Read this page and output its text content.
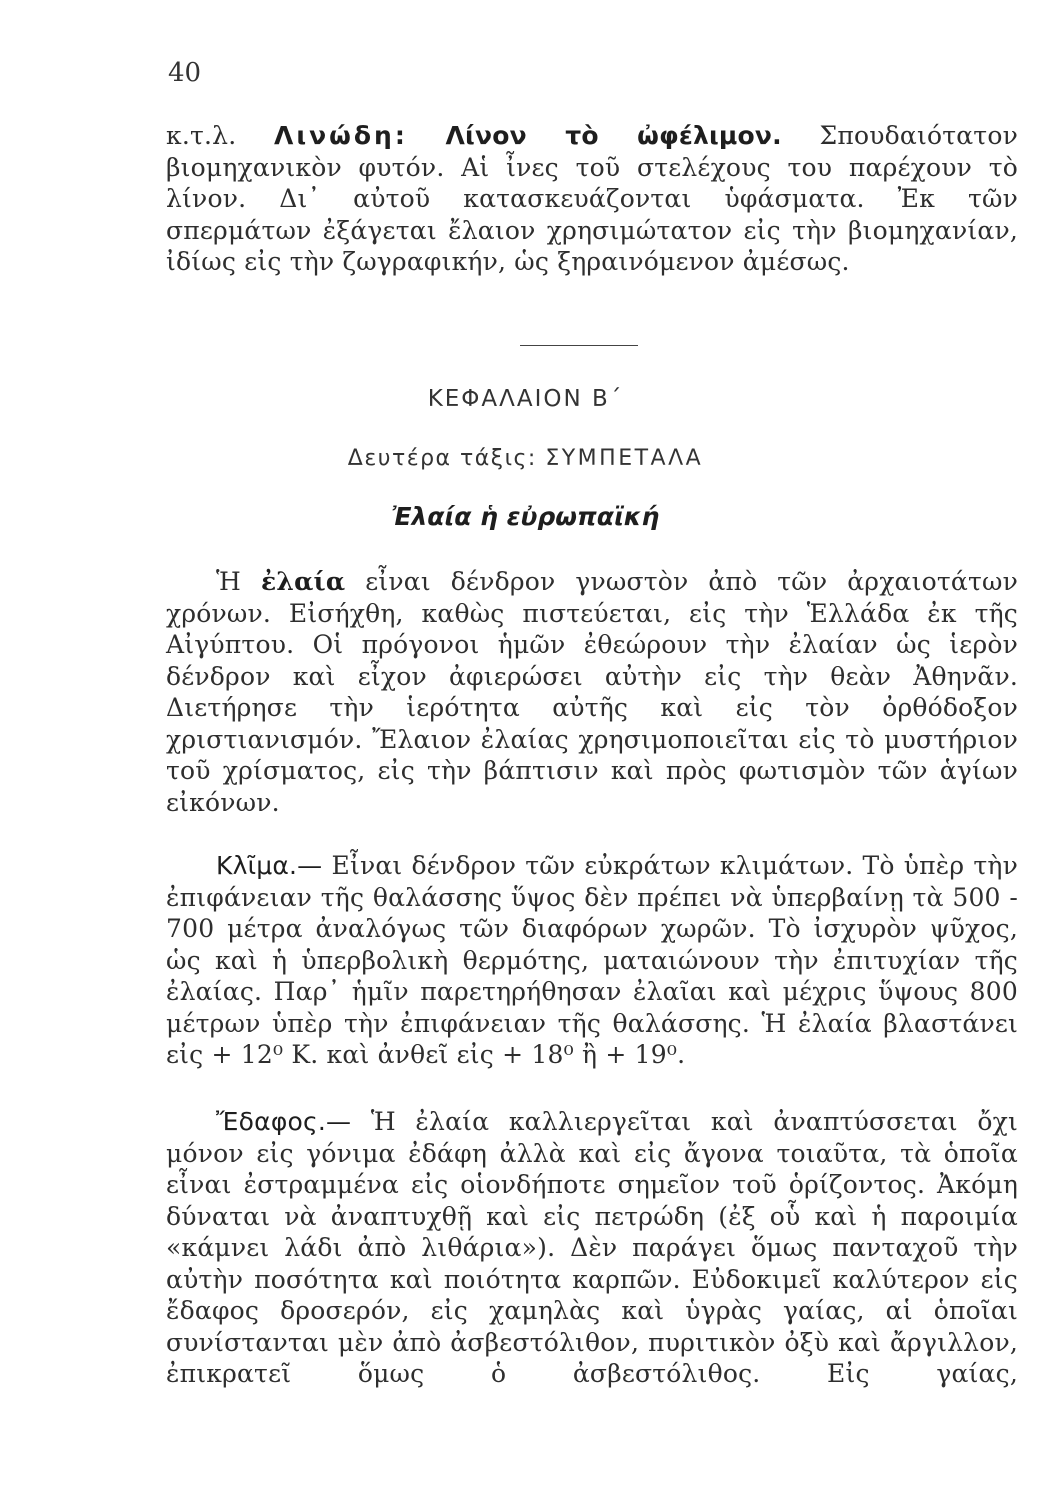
40

κ.τ.λ. Λινώδη: Λίνον τὸ ὠφέλιμον. Σπουδαιότατον βιομηχανικὸν φυτόν. Αἱ ἶνες τοῦ στελέχους του παρέχουν τὸ λίνον. Δι᾽ αὐτοῦ κατασκευάζονται ὑφάσματα. Ἐκ τῶν σπερμάτων ἐξάγεται ἔλαιον χρησιμώτατον εἰς τὴν βιομηχανίαν, ἰδίως εἰς τὴν ζωγραφικήν, ὡς ξηραινόμενον ἀμέσως.

ΚΕΦΑΛΑΙΟΝ Β΄
Δευτέρα τάξις: ΣΥΜΠΕΤΑΛΑ
Ἐλαία ἡ εὐρωπαϊκή

Ἡ ἐλαία εἶναι δένδρον γνωστὸν ἀπὸ τῶν ἀρχαιοτάτων χρόνων. Εἰσήχθη, καθὼς πιστεύεται, εἰς τὴν Ἑλλάδα ἐκ τῆς Αἰγύπτου. Οἱ πρόγονοι ἡμῶν ἐθεώρουν τὴν ἐλαίαν ὡς ἱερὸν δένδρον καὶ εἶχον ἀφιερώσει αὐτὴν εἰς τὴν θεὰν Ἀθηνᾶν. Διετήρησε τὴν ἱερότητα αὐτῆς καὶ εἰς τὸν ὀρθόδοξον χριστιανισμόν. Ἔλαιον ἐλαίας χρησιμοποιεῖται εἰς τὸ μυστήριον τοῦ χρίσματος, εἰς τὴν βάπτισιν καὶ πρὸς φωτισμὸν τῶν ἁγίων εἰκόνων.

Κλῖμα.— Εἶναι δένδρον τῶν εὐκράτων κλιμάτων. Τὸ ὑπὲρ τὴν ἐπιφάνειαν τῆς θαλάσσης ὕψος δὲν πρέπει νὰ ὑπερβαίνῃ τὰ 500 - 700 μέτρα ἀναλόγως τῶν διαφόρων χωρῶν. Τὸ ἰσχυρὸν ψῦχος, ὡς καὶ ἡ ὑπερβολικὴ θερμότης, ματαιώνουν τὴν ἐπιτυχίαν τῆς ἐλαίας. Παρ᾽ ἡμῖν παρετηρήθησαν ἐλαῖαι καὶ μέχρις ὕψους 800 μέτρων ὑπὲρ τὴν ἐπιφάνειαν τῆς θαλάσσης. Ἡ ἐλαία βλαστάνει εἰς + 12⁰ Κ. καὶ ἀνθεῖ εἰς + 18⁰ ἢ + 19⁰.

Ἔδαφος.— Ἡ ἐλαία καλλιεργεῖται καὶ ἀναπτύσσεται ὄχι μόνον εἰς γόνιμα ἐδάφη ἀλλὰ καὶ εἰς ἄγονα τοιαῦτα, τὰ ὁποῖα εἶναι ἐστραμμένα εἰς οἱονδήποτε σημεῖον τοῦ ὁρίζοντος. Ἀκόμη δύναται νὰ ἀναπτυχθῇ καὶ εἰς πετρώδη (ἐξ οὗ καὶ ἡ παροιμία «κάμνει λάδι ἀπὸ λιθάρια»). Δὲν παράγει ὅμως πανταχοῦ τὴν αὐτὴν ποσότητα καὶ ποιότητα καρπῶν. Εὐδοκιμεῖ καλύτερον εἰς ἔδαφος δροσερόν, εἰς χαμηλὰς καὶ ὑγρὰς γαίας, αἱ ὁποῖαι συνίστανται μὲν ἀπὸ ἀσβεστόλιθον, πυριτικὸν ὀξὺ καὶ ἄργιλλον, ἐπικρατεῖ ὅμως ὁ ἀσβεστόλιθος. Εἰς γαίας,
